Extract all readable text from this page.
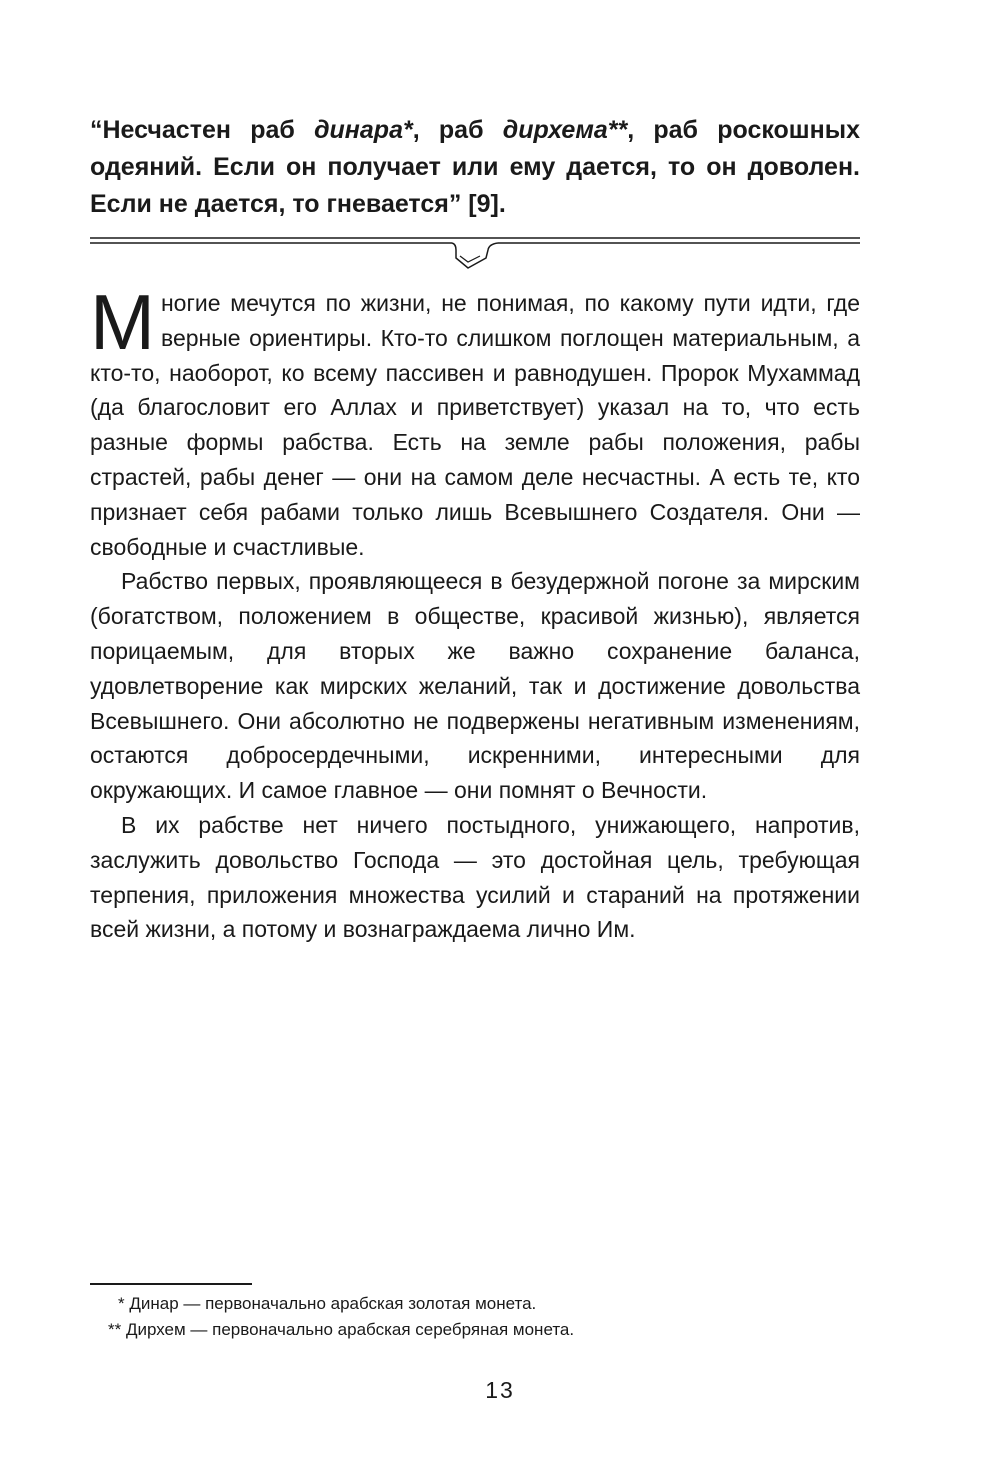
“Несчастен раб динара*, раб дирхема**, раб роскошных одеяний. Если он получает или ему дается, то он доволен. Если не дается, то гневается” [9].

Многие мечутся по жизни, не понимая, по какому пути идти, где верные ориентиры. Кто-то слишком поглощен материальным, а кто-то, наоборот, ко всему пассивен и равнодушен. Пророк Мухаммад (да благословит его Аллах и приветствует) указал на то, что есть разные формы рабства. Есть на земле рабы положения, рабы страстей, рабы денег — они на самом деле несчастны. А есть те, кто признает себя рабами только лишь Всевышнего Создателя. Они — свободные и счастливые.

Рабство первых, проявляющееся в безудержной погоне за мирским (богатством, положением в обществе, красивой жизнью), является порицаемым, для вторых же важно сохранение баланса, удовлетворение как мирских желаний, так и достижение довольства Всевышнего. Они абсолютно не подвержены негативным изменениям, остаются добросердечными, искренними, интересными для окружающих. И самое главное — они помнят о Вечности.

В их рабстве нет ничего постыдного, унижающего, напротив, заслужить довольство Господа — это достойная цель, требующая терпения, приложения множества усилий и стараний на протяжении всей жизни, а потому и вознаграждаема лично Им.

* Динар — первоначально арабская золотая монета.
** Дирхем — первоначально арабская серебряная монета.
13
